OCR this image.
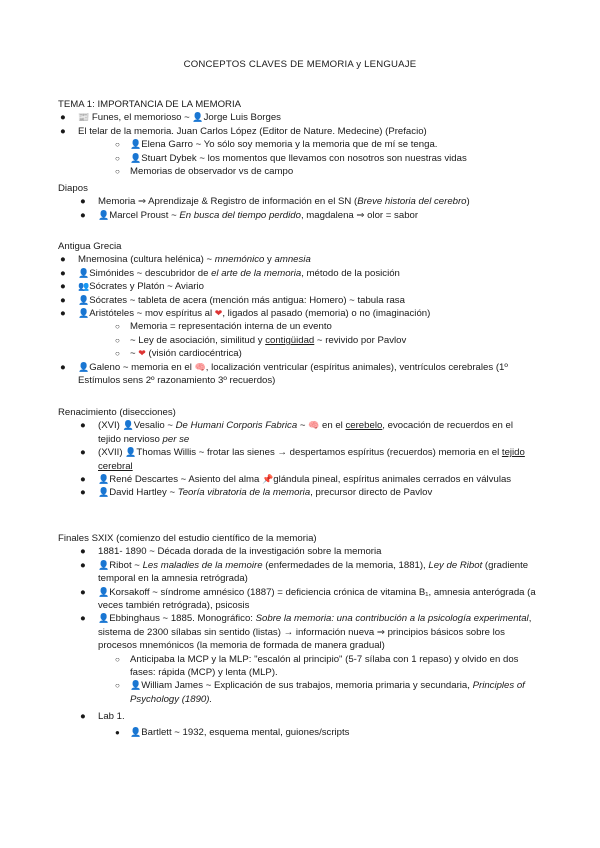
CONCEPTOS CLAVES DE MEMORIA y LENGUAJE
TEMA 1: IMPORTANCIA DE LA MEMORIA
● 📰 Funes, el memorioso ~ 👤Jorge Luis Borges
● El telar de la memoria. Juan Carlos López (Editor de Nature. Medecine) (Prefacio)
○ 👤Elena Garro ~ Yo sólo soy memoria y la memoria que de mí se tenga.
○ 👤Stuart Dybek ~ los momentos que llevamos con nosotros son nuestras vidas
○ Memorias de observador vs de campo
Diapos
● Memoria ⇒ Aprendizaje & Registro de información en el SN (Breve historia del cerebro)
● 👤Marcel Proust ~ En busca del tiempo perdido, magdalena ⇒ olor = sabor
Antigua Grecia
● Mnemosina (cultura helénica) ~ mnemónico y amnesia
● 👤Simónides ~ descubridor de el arte de la memoria, método de la posición
● 👥Sócrates y Platón ~ Aviario
● 👤Sócrates ~ tableta de acera (mención más antigua: Homero) ~ tabula rasa
● 👤Aristóteles ~ mov espíritus al ❤, ligados al pasado (memoria) o no (imaginación)
○ Memoria = representación interna de un evento
○ ~ Ley de asociación, similitud y contigüidad ~ revivido por Pavlov
○ ~ ❤ (visión cardiocéntrica)
● 👤Galeno ~ memoria en el 🧠, localización ventricular (espíritus animales), ventrículos cerebrales (1º Estímulos sens 2º razonamiento 3º recuerdos)
Renacimiento (disecciones)
● (XVI) 👤Vesalio ~ De Humani Corporis Fabrica ~ 🧠 en el cerebelo, evocación de recuerdos en el tejido nervioso per se
● (XVII) 👤Thomas Willis ~ frotar las sienes → despertamos espíritus (recuerdos) memoria en el tejido cerebral
● 👤René Descartes ~ Asiento del alma 📌glándula pineal, espíritus animales cerrados en válvulas
● 👤David Hartley ~ Teoría vibratoria de la memoria, precursor directo de Pavlov
Finales SXIX (comienzo del estudio científico de la memoria)
● 1881- 1890 ~ Década dorada de la investigación sobre la memoria
● 👤Ribot ~ Les maladies de la memoire (enfermedades de la memoria, 1881), Ley de Ribot (gradiente temporal en la amnesia retrógrada)
● 👤Korsakoff ~ síndrome amnésico (1887) = deficiencia crónica de vitamina B₁, amnesia anterógrada (a veces también retrógrada), psicosis
● 👤Ebbinghaus ~ 1885. Monográfico: Sobre la memoria: una contribución a la psicología experimental, sistema de 2300 sílabas sin sentido (listas) → información nueva ⇒ principios básicos sobre los procesos mnemónicos (la memoria de formada de manera gradual)
○ Anticipaba la MCP y la MLP: "escalón al principio" (5-7 sílaba con 1 repaso) y olvido en dos fases: rápida (MCP) y lenta (MLP).
○ 👤William James ~ Explicación de sus trabajos, memoria primaria y secundaria, Principles of Psychology (1890).
● Lab 1.
● 👤Bartlett ~ 1932, esquema mental, guiones/scripts
